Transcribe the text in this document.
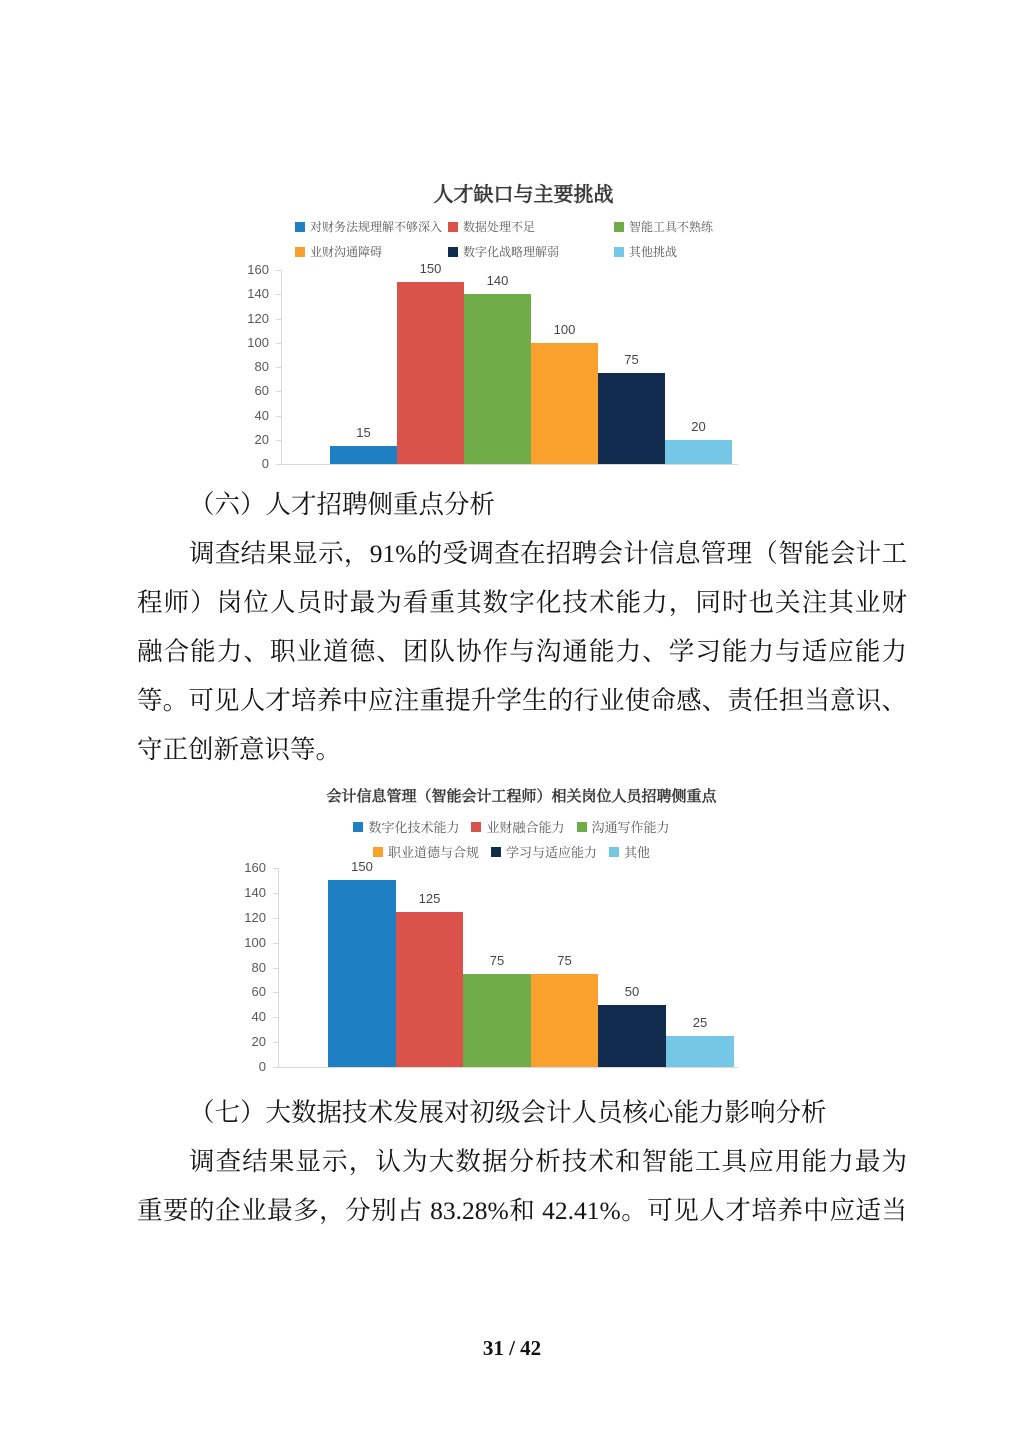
人才缺口与主要挑战
对财务法规理解不够深入 数据处理不足	智能工具不熟练
业财沟通障碍	数字化战略理解弱	其他挑战
160
140
120
100
80
60
40
20
0
15
150
140
100
75
20
（六）人才招聘侧重点分析
调查结果显示，91%的受调查在招聘会计信息管理（智能会计工
程师）岗位人员时最为看重其数字化技术能力，同时也关注其业财
融合能力、职业道德、团队协作与沟通能力、学习能力与适应能力
等。可见人才培养中应注重提升学生的行业使命感、责任担当意识、
守正创新意识等。
会计信息管理（智能会计工程师）相关岗位人员招聘侧重点
数字化技术能力 业财融合能力 沟通写作能力
职业道德与合规 学习与适应能力 其他
160
140
120
100
80
60
40
20
0
150
125
75	75
50
25
（七）大数据技术发展对初级会计人员核心能力影响分析
调查结果显示，认为大数据分析技术和智能工具应用能力最为
重要的企业最多，分别占 83.28%和 42.41%。可见人才培养中应适当
31 / 42
